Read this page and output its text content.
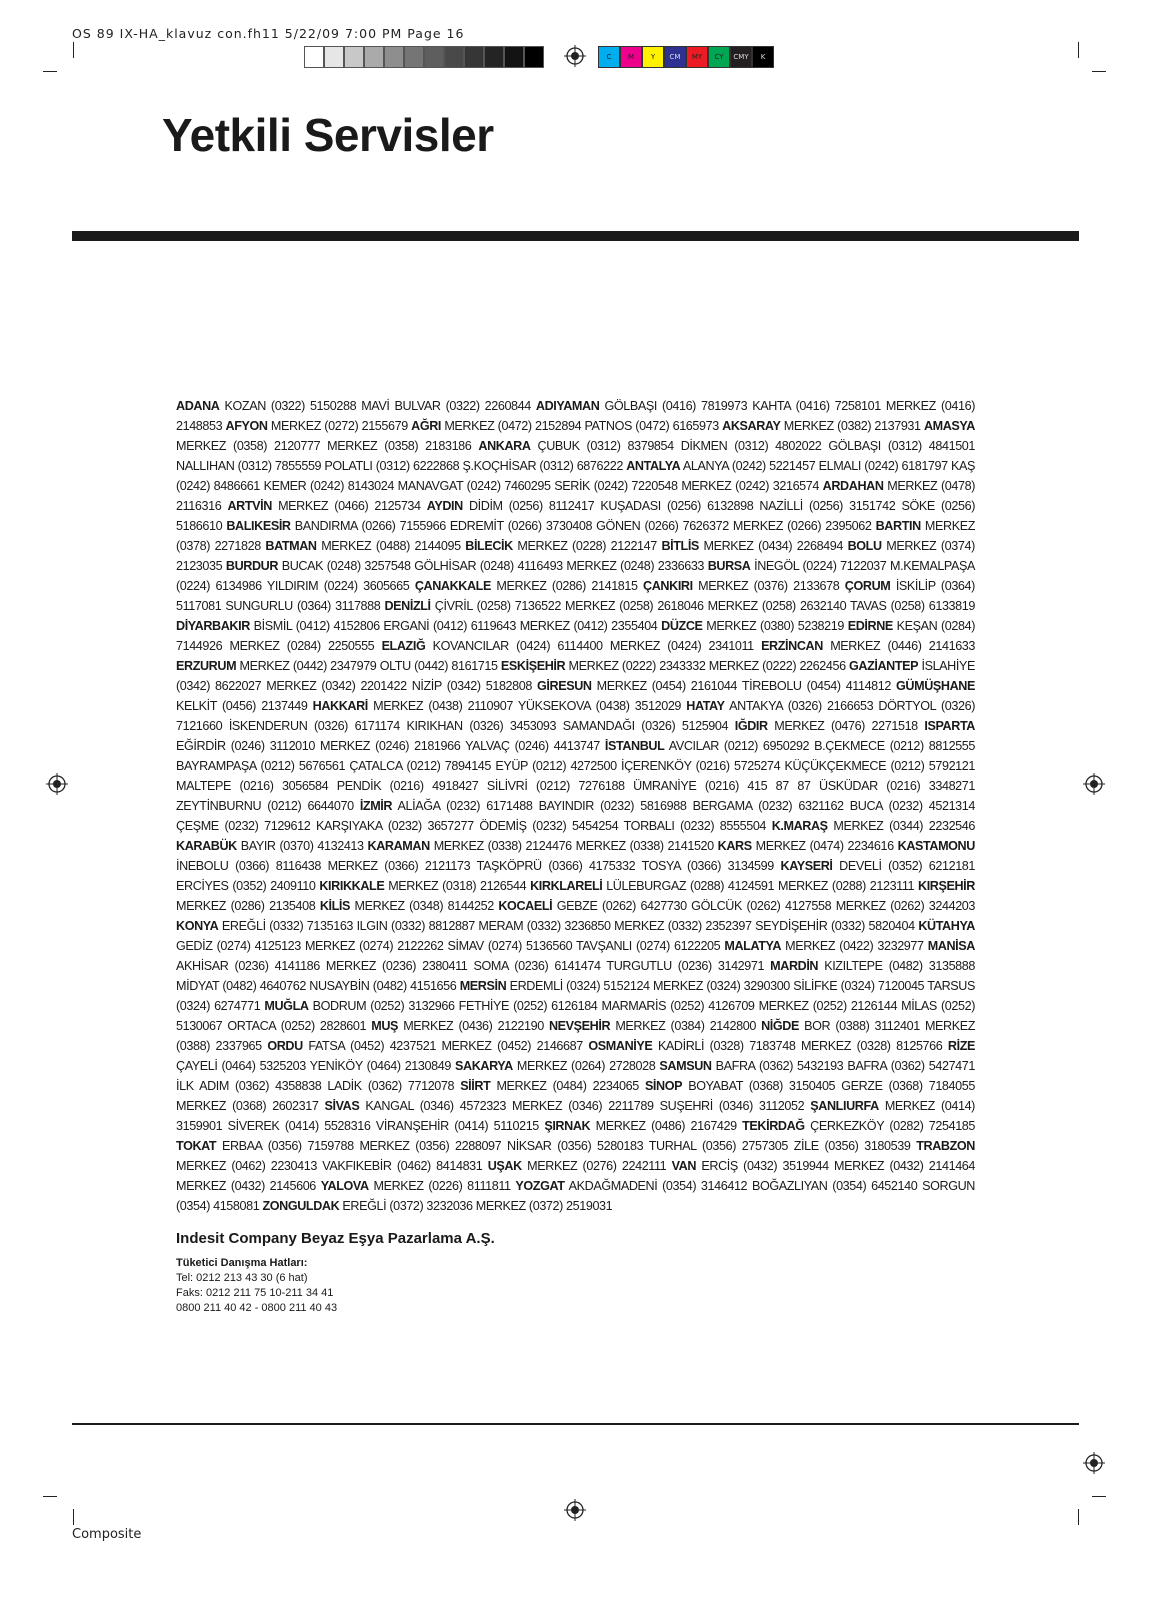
OS 89 IX-HA_klavuz con.fh11 5/22/09 7:00 PM Page 16
C	M	Y	CM	MY	CY	CMY	K
Yetkili Servisler
ADANA KOZAN (0322) 5150288 MAVİ BULVAR (0322) 2260844 ADIYAMAN GÖLBAŞI (0416) 7819973 KAHTA (0416) 7258101 MERKEZ (0416) 2148853 AFYON MERKEZ (0272) 2155679 AĞRI MERKEZ (0472) 2152894 PATNOS (0472) 6165973 AKSARAY MERKEZ (0382) 2137931 AMASYA MERKEZ (0358) 2120777 MERKEZ (0358) 2183186 ANKARA ÇUBUK (0312) 8379854 DİKMEN (0312) 4802022 GÖLBAŞI (0312) 4841501 NALLIHAN (0312) 7855559 POLATLI (0312) 6222868 Ş.KOÇHİSAR (0312) 6876222 ANTALYA ALANYA (0242) 5221457 ELMALI (0242) 6181797 KAŞ (0242) 8486661 KEMER (0242) 8143024 MANAVGAT (0242) 7460295 SERİK (0242) 7220548 MERKEZ (0242) 3216574 ARDAHAN MERKEZ (0478) 2116316 ARTVİN MERKEZ (0466) 2125734 AYDIN DİDİM (0256) 8112417 KUŞADASI (0256) 6132898 NAZİLLİ (0256) 3151742 SÖKE (0256) 5186610 BALIKESİR BANDIRMA (0266) 7155966 EDREMİT (0266) 3730408 GÖNEN (0266) 7626372 MERKEZ (0266) 2395062 BARTIN MERKEZ (0378) 2271828 BATMAN MERKEZ (0488) 2144095 BİLECİK MERKEZ (0228) 2122147 BİTLİS MERKEZ (0434) 2268494 BOLU MERKEZ (0374) 2123035 BURDUR BUCAK (0248) 3257548 GÖLHİSAR (0248) 4116493 MERKEZ (0248) 2336633 BURSA İNEGÖL (0224) 7122037 M.KEMALPAŞA (0224) 6134986 YILDIRIM (0224) 3605665 ÇANAKKALE MERKEZ (0286) 2141815 ÇANKIRI MERKEZ (0376) 2133678 ÇORUM İSKİLİP (0364) 5117081 SUNGURLU (0364) 3117888 DENİZLİ ÇİVRİL (0258) 7136522 MERKEZ (0258) 2618046 MERKEZ (0258) 2632140 TAVAS (0258) 6133819 DİYARBAKIR BİSMİL (0412) 4152806 ERGANİ (0412) 6119643 MERKEZ (0412) 2355404 DÜZCE MERKEZ (0380) 5238219 EDİRNE KEŞAN (0284) 7144926 MERKEZ (0284) 2250555 ELAZIĞ KOVANCILAR (0424) 6114400 MERKEZ (0424) 2341011 ERZİNCAN MERKEZ (0446) 2141633 ERZURUM MERKEZ (0442) 2347979 OLTU (0442) 8161715 ESKİŞEHİR MERKEZ (0222) 2343332 MERKEZ (0222) 2262456 GAZİANTEP İSLAHİYE (0342) 8622027 MERKEZ (0342) 2201422 NİZİP (0342) 5182808 GİRESUN MERKEZ (0454) 2161044 TİREBOLU (0454) 4114812 GÜMÜŞHANE KELKİT (0456) 2137449 HAKKARİ MERKEZ (0438) 2110907 YÜKSEKOVA (0438) 3512029 HATAY ANTAKYA (0326) 2166653 DÖRTYOL (0326) 7121660 İSKENDERUN (0326) 6171174 KIRIKHAN (0326) 3453093 SAMANDAĞI (0326) 5125904 IĞDIR MERKEZ (0476) 2271518 ISPARTA EĞİRDİR (0246) 3112010 MERKEZ (0246) 2181966 YALVAÇ (0246) 4413747 İSTANBUL AVCILAR (0212) 6950292 B.ÇEKMECE (0212) 8812555 BAYRAMPAŞA (0212) 5676561 ÇATALCA (0212) 7894145 EYÜP (0212) 4272500 İÇERENKÖY (0216) 5725274 KÜÇÜKÇEKMECE (0212) 5792121 MALTEPE (0216) 3056584 PENDİK (0216) 4918427 SİLİVRİ (0212) 7276188 ÜMRANİYE (0216) 415 87 87 ÜSKÜDAR (0216) 3348271 ZEYTİNBURNU (0212) 6644070 İZMİR ALİAĞA (0232) 6171488 BAYINDIR (0232) 5816988 BERGAMA (0232) 6321162 BUCA (0232) 4521314 ÇEŞME (0232) 7129612 KARŞIYAKA (0232) 3657277 ÖDEMİŞ (0232) 5454254 TORBALI (0232) 8555504 K.MARAŞ MERKEZ (0344) 2232546 KARABÜK BAYIR (0370) 4132413 KARAMAN MERKEZ (0338) 2124476 MERKEZ (0338) 2141520 KARS MERKEZ (0474) 2234616 KASTAMONU İNEBOLU (0366) 8116438 MERKEZ (0366) 2121173 TAŞKÖPRÜ (0366) 4175332 TOSYA (0366) 3134599 KAYSERİ DEVELİ (0352) 6212181 ERCİYES (0352) 2409110 KIRIKKALE MERKEZ (0318) 2126544 KIRKLARELİ LÜLEBURGAZ (0288) 4124591 MERKEZ (0288) 2123111 KIRŞEHİR MERKEZ (0286) 2135408 KİLİS MERKEZ (0348) 8144252 KOCAELİ GEBZE (0262) 6427730 GÖLCÜK (0262) 4127558 MERKEZ (0262) 3244203 KONYA EREĞLİ (0332) 7135163 ILGIN (0332) 8812887 MERAM (0332) 3236850 MERKEZ (0332) 2352397 SEYDİŞEHİR (0332) 5820404 KÜTAHYA GEDİZ (0274) 4125123 MERKEZ (0274) 2122262 SİMAV (0274) 5136560 TAVŞANLI (0274) 6122205 MALATYA MERKEZ (0422) 3232977 MANİSA AKHİSAR (0236) 4141186 MERKEZ (0236) 2380411 SOMA (0236) 6141474 TURGUTLU (0236) 3142971 MARDİN KIZILTEPE (0482) 3135888 MİDYAT (0482) 4640762 NUSAYBİN (0482) 4151656 MERSİN ERDEMLİ (0324) 5152124 MERKEZ (0324) 3290300 SİLİFKE (0324) 7120045 TARSUS (0324) 6274771 MUĞLA BODRUM (0252) 3132966 FETHİYE (0252) 6126184 MARMARİS (0252) 4126709 MERKEZ (0252) 2126144 MİLAS (0252) 5130067 ORTACA (0252) 2828601 MUŞ MERKEZ (0436) 2122190 NEVŞEHİR MERKEZ (0384) 2142800 NİĞDE BOR (0388) 3112401 MERKEZ (0388) 2337965 ORDU FATSA (0452) 4237521 MERKEZ (0452) 2146687 OSMANİYE KADİRLİ (0328) 7183748 MERKEZ (0328) 8125766 RİZE ÇAYELİ (0464) 5325203 YENİKÖY (0464) 2130849 SAKARYA MERKEZ (0264) 2728028 SAMSUN BAFRA (0362) 5432193 BAFRA (0362) 5427471 İLK ADIM (0362) 4358838 LADİK (0362) 7712078 SİİRT MERKEZ (0484) 2234065 SİNOP BOYABAT (0368) 3150405 GERZE (0368) 7184055 MERKEZ (0368) 2602317 SİVAS KANGAL (0346) 4572323 MERKEZ (0346) 2211789 SUŞEHRİ (0346) 3112052 ŞANLIURFA MERKEZ (0414) 3159901 SİVEREK (0414) 5528316 VİRANŞEHİR (0414) 5110215 ŞIRNAK MERKEZ (0486) 2167429 TEKİRDAĞ ÇERKEZKÖY (0282) 7254185 TOKAT ERBAA (0356) 7159788 MERKEZ (0356) 2288097 NİKSAR (0356) 5280183 TURHAL (0356) 2757305 ZİLE (0356) 3180539 TRABZON MERKEZ (0462) 2230413 VAKFIKEBİR (0462) 8414831 UŞAK MERKEZ (0276) 2242111 VAN ERCİŞ (0432) 3519944 MERKEZ (0432) 2141464 MERKEZ (0432) 2145606 YALOVA MERKEZ (0226) 8111811 YOZGAT AKDAĞMADENİ (0354) 3146412 BOĞAZLIYAN (0354) 6452140 SORGUN (0354) 4158081 ZONGULDAK EREĞLİ (0372) 3232036 MERKEZ (0372) 2519031
Indesit Company Beyaz Eşya Pazarlama A.Ş.
Tüketici Danışma Hatları:
Tel: 0212 213 43 30 (6 hat)
Faks: 0212 211 75 10-211 34 41
0800 211 40 42 - 0800 211 40 43
Composite
